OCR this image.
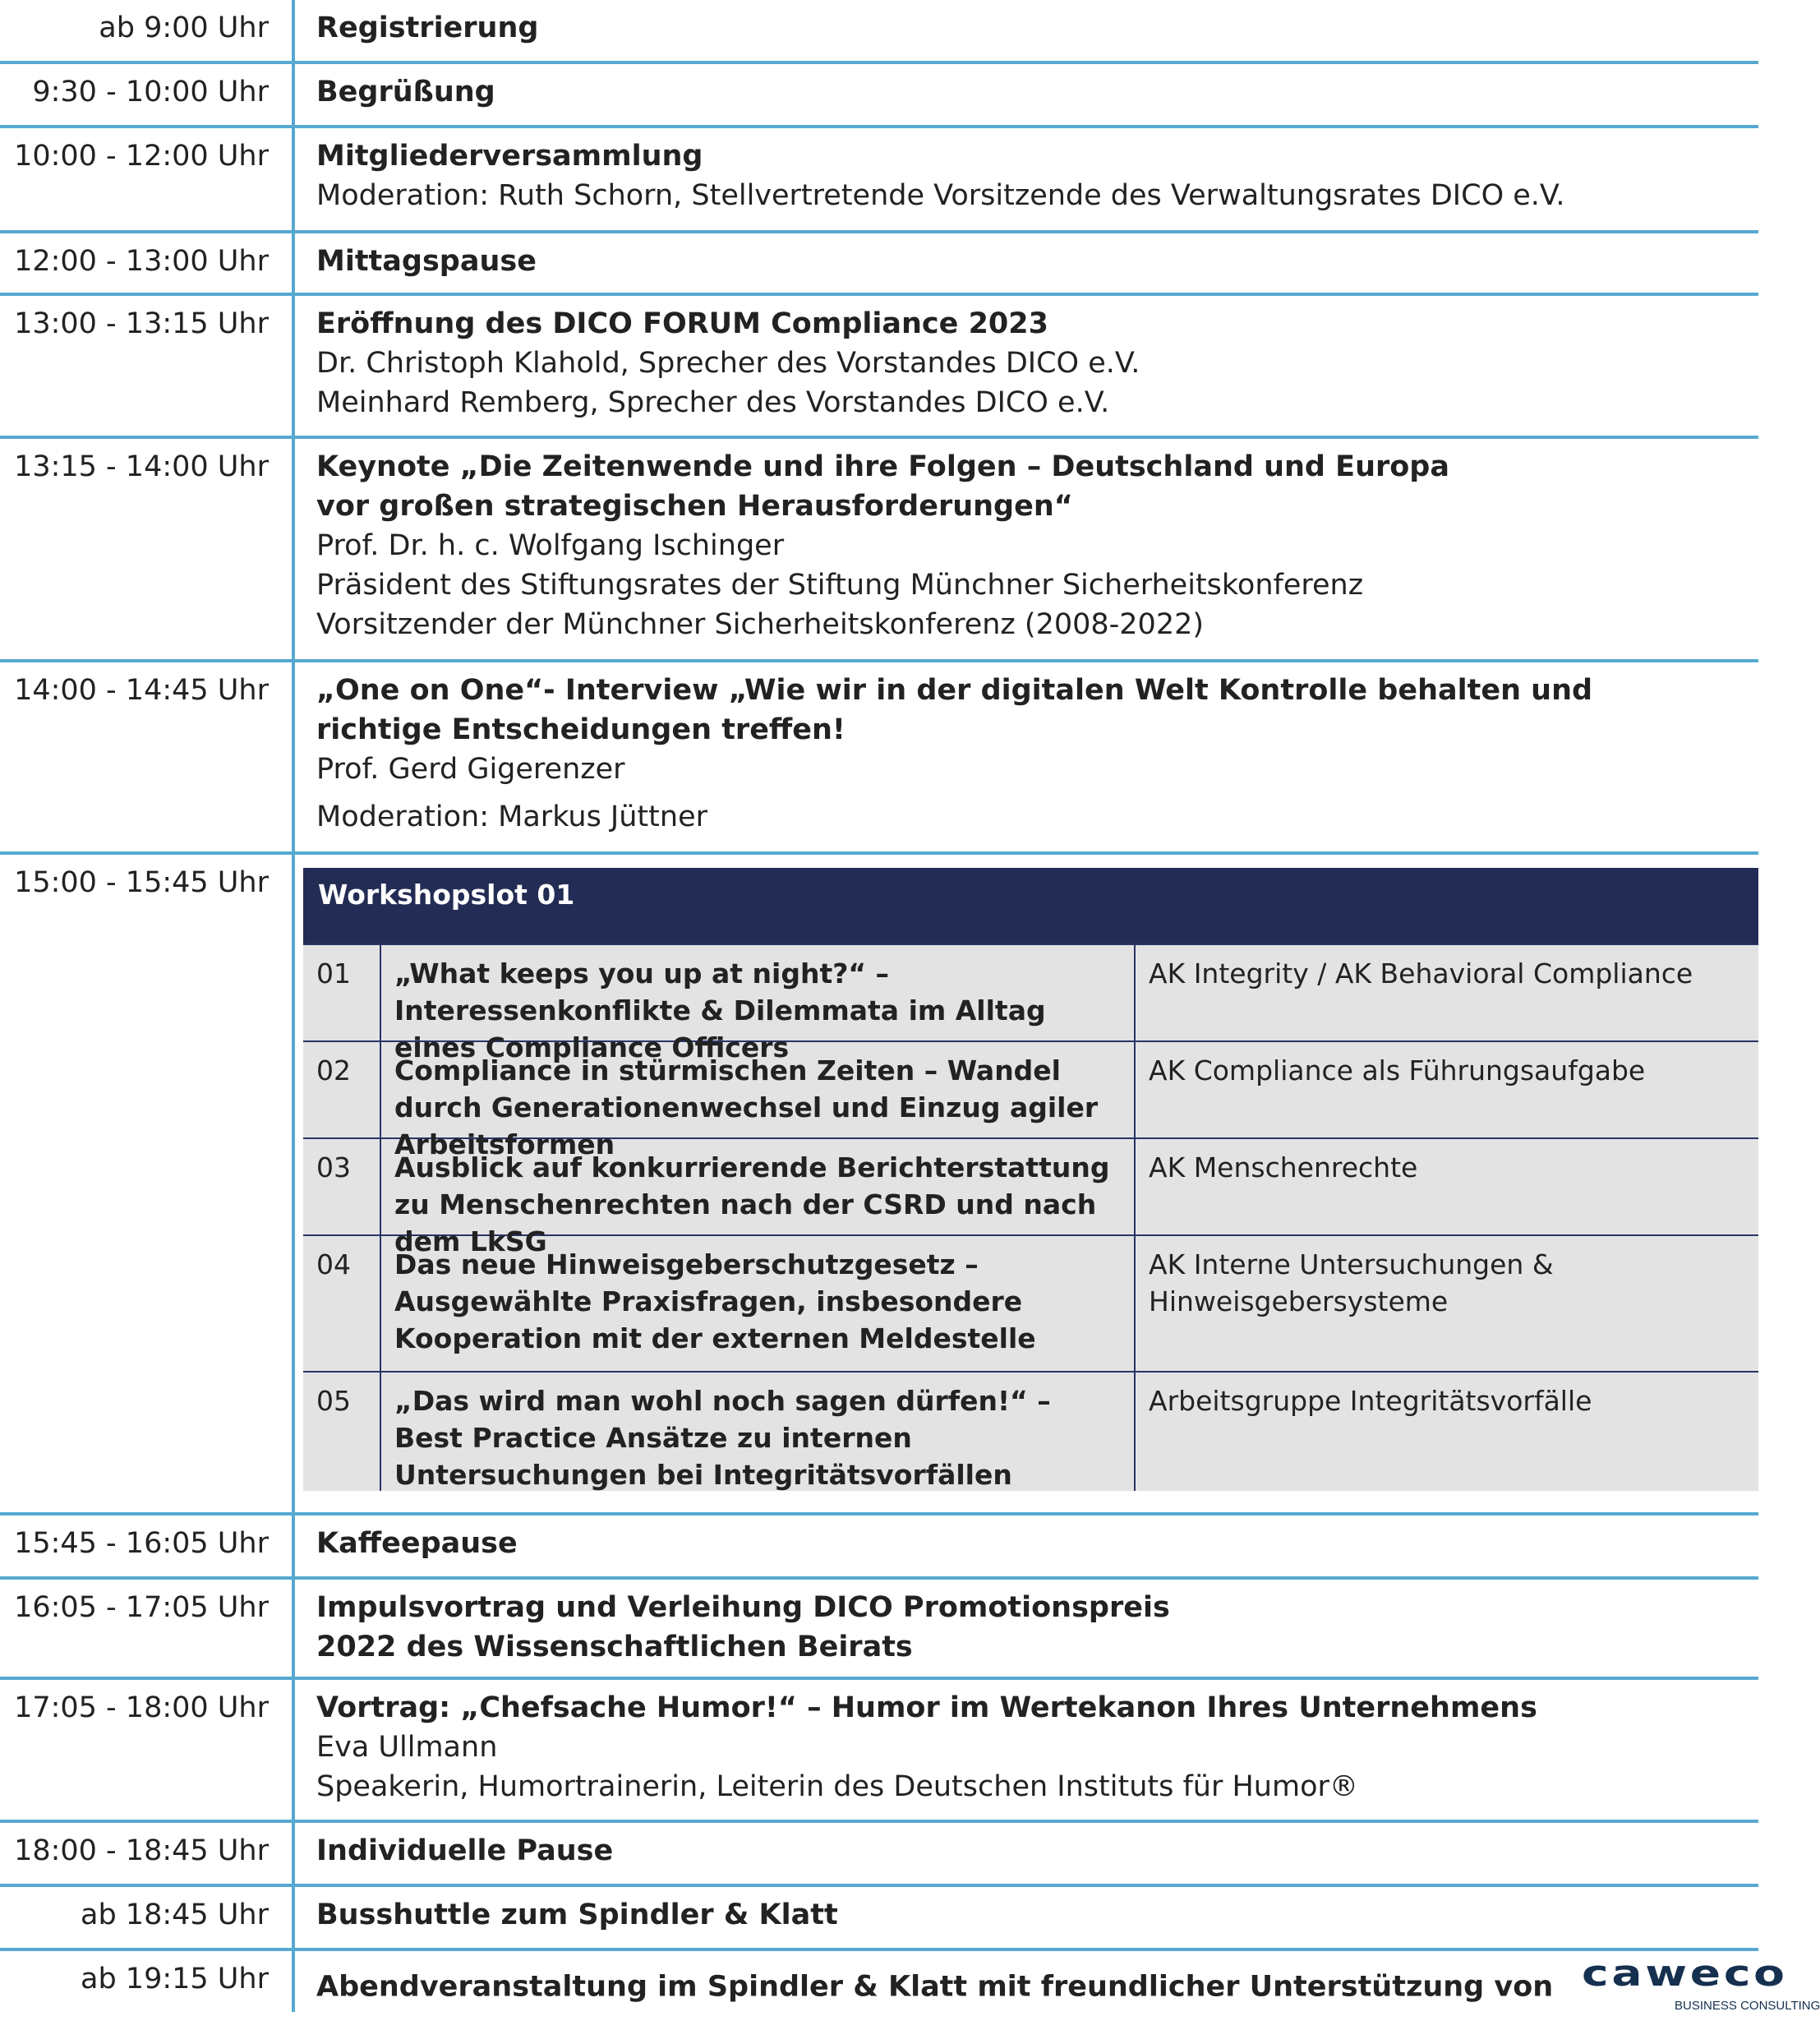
ab 9:00 Uhr Registrierung
9:30 - 10:00 Uhr Begrüßung
10:00 - 12:00 Uhr Mitgliederversammlung
Moderation: Ruth Schorn, Stellvertretende Vorsitzende des Verwaltungsrates DICO e.V.
12:00 - 13:00 Uhr Mittagspause
13:00 - 13:15 Uhr Eröffnung des DICO FORUM Compliance 2023
Dr. Christoph Klahold, Sprecher des Vorstandes DICO e.V.
Meinhard Remberg, Sprecher des Vorstandes DICO e.V.
13:15 - 14:00 Uhr Keynote „Die Zeitenwende und ihre Folgen – Deutschland und Europa vor großen strategischen Herausforderungen“
Prof. Dr. h. c. Wolfgang Ischinger
Präsident des Stiftungsrates der Stiftung Münchner Sicherheitskonferenz
Vorsitzender der Münchner Sicherheitskonferenz (2008-2022)
14:00 - 14:45 Uhr „One on One“- Interview „Wie wir in der digitalen Welt Kontrolle behalten und richtige Entscheidungen treffen!
Prof. Gerd Gigerenzer
Moderation: Markus Jüttner
15:00 - 15:45 Uhr	Workshopslot 01
01	„What keeps you up at night?“ – Interessenkonflikte & Dilemmata im Alltag eines Compliance Officers
AK Integrity / AK Behavioral Compliance
02	Compliance in stürmischen Zeiten – Wandel durch Generationenwechsel und Einzug agiler Arbeitsformen
AK Compliance als Führungsaufgabe
03	Ausblick auf konkurrierende Berichterstattung zu Menschenrechten nach der CSRD und nach dem LkSG
AK Menschenrechte
04	Das neue Hinweisgeberschutzgesetz – Ausgewählte Praxisfragen, insbesondere Kooperation mit der externen Meldestelle
AK Interne Untersuchungen & Hinweisgebersysteme
05	„Das wird man wohl noch sagen dürfen!“ – Best Practice Ansätze zu internen Untersuchungen bei Integritätsvorfällen
Arbeitsgruppe Integritätsvorfälle
15:45 - 16:05 Uhr Kaffeepause
16:05 - 17:05 Uhr Impulsvortrag und Verleihung DICO Promotionspreis 2022 des Wissenschaftlichen Beirats
17:05 - 18:00 Uhr Vortrag: „Chefsache Humor!“ – Humor im Wertekanon Ihres Unternehmens
Eva Ullmann
Speakerin, Humortrainerin, Leiterin des Deutschen Instituts für Humor®
18:00 - 18:45 Uhr Individuelle Pause
ab 18:45 Uhr Busshuttle zum Spindler & Klatt
ab 19:15 Uhr Abendveranstaltung im Spindler & Klatt mit freundlicher Unterstützung von caweco
BUSINESS CONSULTING
